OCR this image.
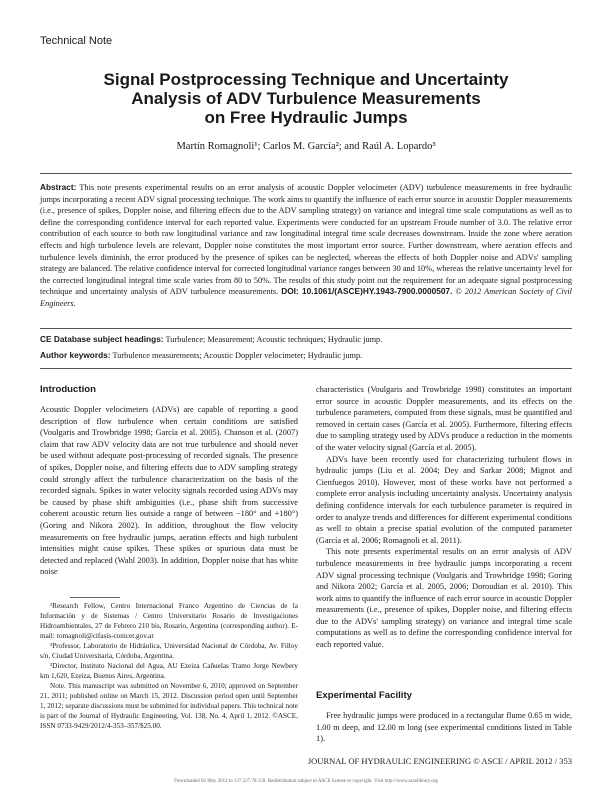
Technical Note
Signal Postprocessing Technique and Uncertainty
Analysis of ADV Turbulence Measurements
on Free Hydraulic Jumps
Martín Romagnoli¹; Carlos M. García²; and Raúl A. Lopardo³
Abstract: This note presents experimental results on an error analysis of acoustic Doppler velocimeter (ADV) turbulence measurements in free hydraulic jumps incorporating a recent ADV signal processing technique. The work aims to quantify the influence of each error source in acoustic Doppler measurements (i.e., presence of spikes, Doppler noise, and filtering effects due to the ADV sampling strategy) on variance and integral time scale computations as well as to define the corresponding confidence interval for each reported value. Experiments were conducted for an upstream Froude number of 3.0. The relative error contribution of each source to both raw longitudinal variance and raw longitudinal integral time scale decreases downstream. Inside the zone where aeration effects and high turbulence levels are relevant, Doppler noise constitutes the most important error source. Further downstream, where aeration effects and turbulence levels diminish, the error produced by the presence of spikes can be neglected, whereas the effects of both Doppler noise and ADVs' sampling strategy are balanced. The relative confidence interval for corrected longitudinal variance ranges between 30 and 10%, whereas the relative uncertainty level for the corrected longitudinal integral time scale varies from 80 to 50%. The results of this study point out the requirement for an adequate signal postprocessing technique and uncertainty analysis of ADV turbulence measurements. DOI: 10.1061/(ASCE)HY.1943-7900.0000507. © 2012 American Society of Civil Engineers.
CE Database subject headings: Turbulence; Measurement; Acoustic techniques; Hydraulic jump.
Author keywords: Turbulence measurements; Acoustic Doppler velocimeter; Hydraulic jump.
Introduction

Acoustic Doppler velocimeters (ADVs) are capable of reporting a good description of flow turbulence when certain conditions are satisfied (Voulgaris and Trowbridge 1998; García et al. 2005). Chanson et al. (2007) claim that raw ADV velocity data are not true turbulence and should never be used without adequate post-processing of recorded signals. The presence of spikes, Doppler noise, and filtering effects due to ADV sampling strategy could strongly affect the turbulence characterization on the basis of the recorded signals. Spikes in water velocity signals recorded using ADVs may be caused by phase shift ambiguities (i.e., phase shift from successive coherent acoustic return lies outside a range of between −180° and +180°) (Goring and Nikora 2002). In addition, throughout the flow velocity measurements on free hydraulic jumps, aeration effects and high turbulent intensities might cause spikes. These spikes or spurious data must be detected and replaced (Wahl 2003). In addition, Doppler noise that has white noise

¹Research Fellow, Centro Internacional Franco Argentino de Ciencias de la Información y de Sistemas / Centro Universitario Rosario de Investigaciones Hidroambientales, 27 de Febrero 210 bis, Rosario, Argentina (corresponding author). E-mail: romagnoli@cifasis-conicet.gov.ar

²Professor, Laboratorio de Hidráulica, Universidad Nacional de Córdoba, Av. Filloy s/n, Ciudad Universitaria, Córdoba, Argentina.

³Director, Instituto Nacional del Agua, AU Ezeiza Cañuelas Tramo Jorge Newbery km 1,620, Ezeiza, Buenos Aires, Argentina.

Note. This manuscript was submitted on November 6, 2010; approved on September 21, 2011; published online on March 15, 2012. Discussion period open until September 1, 2012; separate discussions must be submitted for individual papers. This technical note is part of the Journal of Hydraulic Engineering, Vol. 138, No. 4, April 1, 2012. ©ASCE, ISSN 0733-9429/2012/4-353–357/$25.00.

characteristics (Voulgaris and Trowbridge 1998) constitutes an important error source in acoustic Doppler measurements, and its effects on the turbulence parameters, computed from these signals, must be quantified and removed in certain cases (García et al. 2005). Furthermore, filtering effects due to sampling strategy used by ADVs produce a reduction in the moments of the water velocity signal (García et al. 2005).

ADVs have been recently used for characterizing turbulent flows in hydraulic jumps (Liu et al. 2004; Dey and Sarkar 2008; Mignot and Cienfuegos 2010). However, most of these works have not performed a complete error analysis including uncertainty analysis. Uncertainty analysis defining confidence intervals for each turbulence parameter is required in order to analyze trends and differences for different experimental conditions as well to obtain a precise spatial evolution of the computed parameter (García et al. 2006; Romagnoli et al. 2011).

This note presents experimental results on an error analysis of ADV turbulence measurements in free hydraulic jumps incorporating a recent ADV signal processing technique (Voulgaris and Trowbridge 1998; Goring and Nikora 2002; García et al. 2005, 2006; Doroudian et al. 2010). This work aims to quantify the influence of each error source in acoustic Doppler measurements (i.e., presence of spikes, Doppler noise, and filtering effects due to the ADVs' sampling strategy) on variance and integral time scale computations as well as to define the corresponding confidence interval for each reported value.

Experimental Facility

Free hydraulic jumps were produced in a rectangular flume 0.65 m wide, 1.00 m deep, and 12.00 m long (see experimental conditions listed in Table 1).

JOURNAL OF HYDRAULIC ENGINEERING © ASCE / APRIL 2012 / 353
Downloaded 02 May 2012 to 137.227.78.150. Redistribution subject to ASCE license or copyright. Visit http://www.ascelibrary.org
